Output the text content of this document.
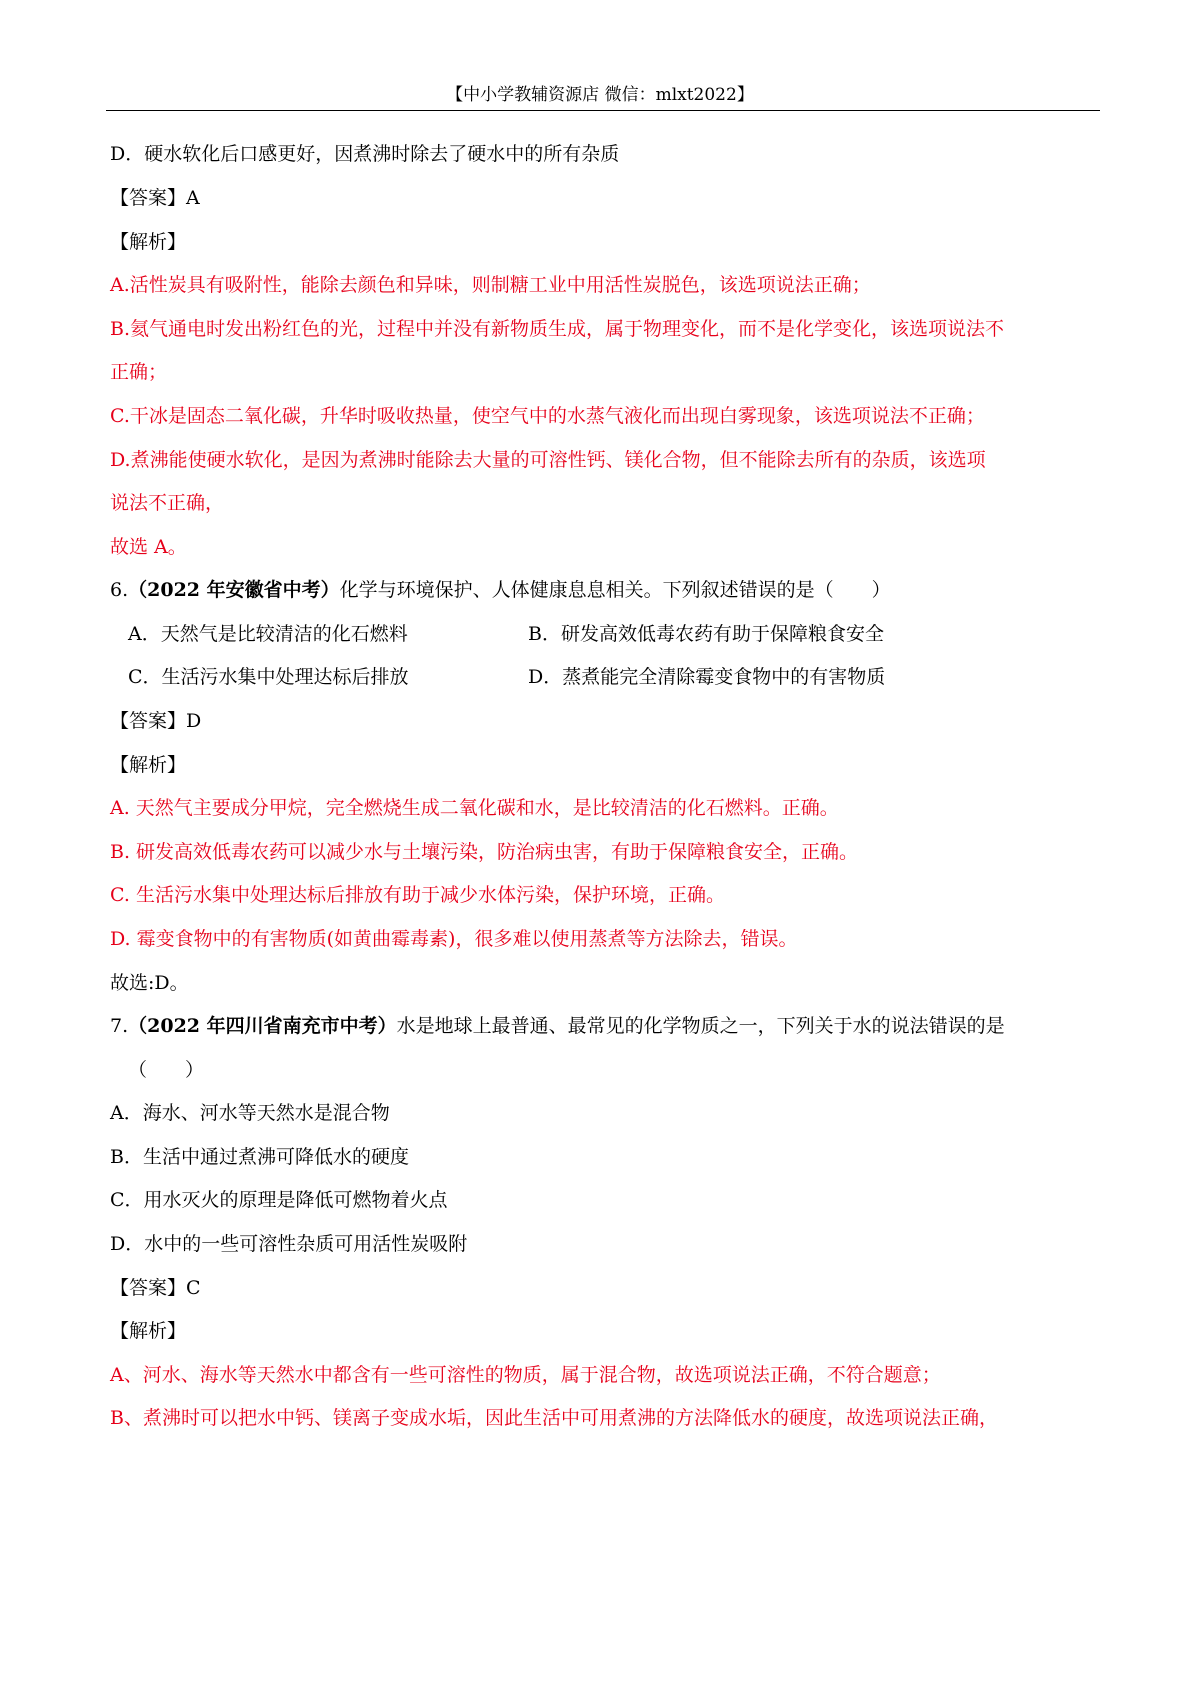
【中小学教辅资源店 微信：mlxt2022】
D．硬水软化后口感更好，因煮沸时除去了硬水中的所有杂质
【答案】A
【解析】
A.活性炭具有吸附性，能除去颜色和异味，则制糖工业中用活性炭脱色，该选项说法正确；
B.氦气通电时发出粉红色的光，过程中并没有新物质生成，属于物理变化，而不是化学变化，该选项说法不
正确；
C.干冰是固态二氧化碳，升华时吸收热量，使空气中的水蒸气液化而出现白雾现象，该选项说法不正确；
D.煮沸能使硬水软化，是因为煮沸时能除去大量的可溶性钙、镁化合物，但不能除去所有的杂质，该选项
说法不正确，
故选 A。
6.（2022 年安徽省中考）化学与环境保护、人体健康息息相关。下列叙述错误的是（　　）
A．天然气是比较清洁的化石燃料	B．研发高效低毒农药有助于保障粮食安全
C．生活污水集中处理达标后排放	D．蒸煮能完全清除霉变食物中的有害物质
【答案】D
【解析】
A. 天然气主要成分甲烷，完全燃烧生成二氧化碳和水，是比较清洁的化石燃料。正确。
B. 研发高效低毒农药可以减少水与土壤污染，防治病虫害，有助于保障粮食安全，正确。
C. 生活污水集中处理达标后排放有助于减少水体污染，保护环境，正确。
D. 霉变食物中的有害物质(如黄曲霉毒素)，很多难以使用蒸煮等方法除去，错误。
故选:D。
7.（2022 年四川省南充市中考）水是地球上最普通、最常见的化学物质之一，下列关于水的说法错误的是
（　　）
A．海水、河水等天然水是混合物
B．生活中通过煮沸可降低水的硬度
C．用水灭火的原理是降低可燃物着火点
D．水中的一些可溶性杂质可用活性炭吸附
【答案】C
【解析】
A、河水、海水等天然水中都含有一些可溶性的物质，属于混合物，故选项说法正确，不符合题意；
B、煮沸时可以把水中钙、镁离子变成水垢，因此生活中可用煮沸的方法降低水的硬度，故选项说法正确，
